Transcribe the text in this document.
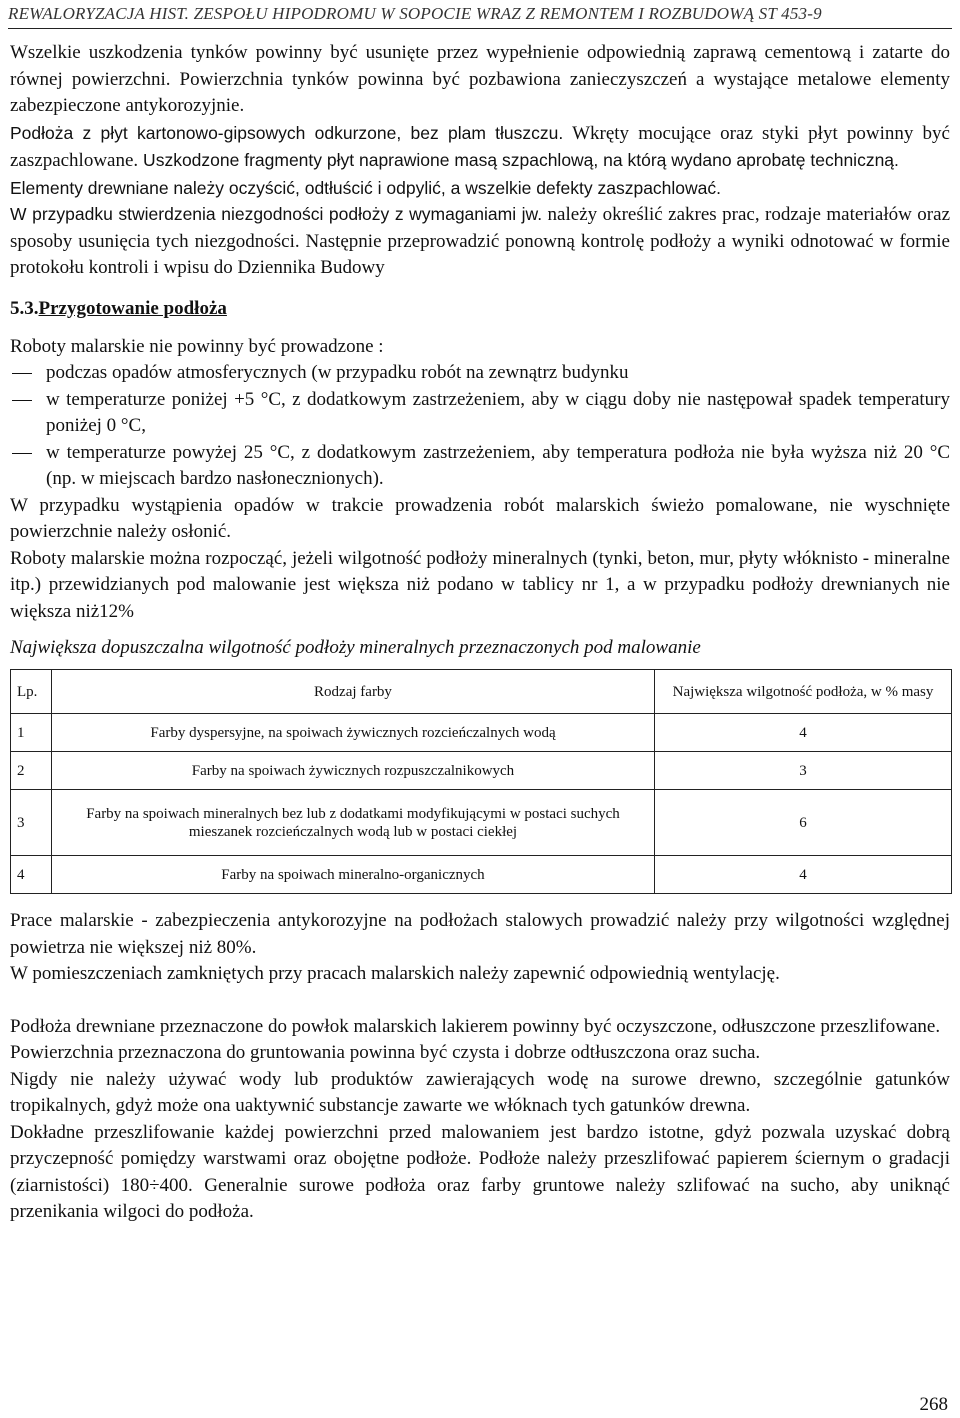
REWALORYZACJA HIST. ZESPOŁU HIPODROMU W SOPOCIE WRAZ Z REMONTEM I ROZBUDOWĄ ST 453-9

Wszelkie uszkodzenia tynków powinny być usunięte przez wypełnienie odpowiednią zaprawą cementową i zatarte do równej powierzchni. Powierzchnia tynków powinna być pozbawiona zanieczyszczeń a wystające metalowe elementy zabezpieczone antykorozyjnie.

Podłoża z płyt kartonowo-gipsowych odkurzone, bez plam tłuszczu. Wkręty mocujące oraz styki płyt powinny być zaszpachlowane. Uszkodzone fragmenty płyt naprawione masą szpachlową, na którą wydano aprobatę techniczną.

Elementy drewniane należy oczyścić, odtłuścić i odpylić, a wszelkie defekty zaszpachlować.

W przypadku stwierdzenia niezgodności podłoży z wymaganiami jw. należy określić zakres prac, rodzaje materiałów oraz sposoby usunięcia tych niezgodności. Następnie przeprowadzić ponowną kontrolę podłoży a wyniki odnotować w formie protokołu kontroli i wpisu do Dziennika Budowy

5.3.Przygotowanie podłoża

Roboty malarskie nie powinny być prowadzone :

podczas opadów atmosferycznych (w przypadku robót na zewnątrz budynku
w temperaturze poniżej +5 °C, z dodatkowym zastrzeżeniem, aby w ciągu doby nie następował spadek temperatury poniżej 0 °C,
w temperaturze powyżej 25 °C, z dodatkowym zastrzeżeniem, aby temperatura podłoża nie była wyższa niż 20 °C (np. w miejscach bardzo nasłonecznionych).

W przypadku wystąpienia opadów w trakcie prowadzenia robót malarskich świeżo pomalowane, nie wyschnięte powierzchnie należy osłonić.

Roboty malarskie można rozpocząć, jeżeli wilgotność podłoży mineralnych (tynki, beton, mur, płyty włóknisto - mineralne itp.) przewidzianych pod malowanie jest większa niż podano w tablicy nr 1, a w przypadku podłoży drewnianych nie większa niż12%

Największa dopuszczalna wilgotność podłoży mineralnych przeznaczonych pod malowanie
Lp.	Rodzaj farby	Największa wilgotność podłoża, w % masy
1	Farby dyspersyjne, na spoiwach żywicznych rozcieńczalnych wodą	4
2	Farby na spoiwach żywicznych rozpuszczalnikowych	3
3	Farby na spoiwach mineralnych bez lub z dodatkami modyfikującymi w postaci suchych mieszanek rozcieńczalnych wodą lub w postaci ciekłej	6
4	Farby na spoiwach mineralno-organicznych	4

Prace malarskie - zabezpieczenia antykorozyjne na podłożach stalowych prowadzić należy przy wilgotności względnej powietrza nie większej niż 80%.

W pomieszczeniach zamkniętych przy pracach malarskich należy zapewnić odpowiednią wentylację.

Podłoża drewniane przeznaczone do powłok malarskich lakierem powinny być oczyszczone, odłuszczone przeszlifowane.

Powierzchnia przeznaczona do gruntowania powinna być czysta i dobrze odtłuszczona oraz sucha.

Nigdy nie należy używać wody lub produktów zawierających wodę na surowe drewno, szczególnie gatunków tropikalnych, gdyż może ona uaktywnić substancje zawarte we włóknach tych gatunków drewna.

Dokładne przeszlifowanie każdej powierzchni przed malowaniem jest bardzo istotne, gdyż pozwala uzyskać dobrą przyczepność pomiędzy warstwami oraz obojętne podłoże. Podłoże należy przeszlifować papierem ściernym o gradacji (ziarnistości) 180÷400. Generalnie surowe podłoża oraz farby gruntowe należy szlifować na sucho, aby uniknąć przenikania wilgoci do podłoża.

268
